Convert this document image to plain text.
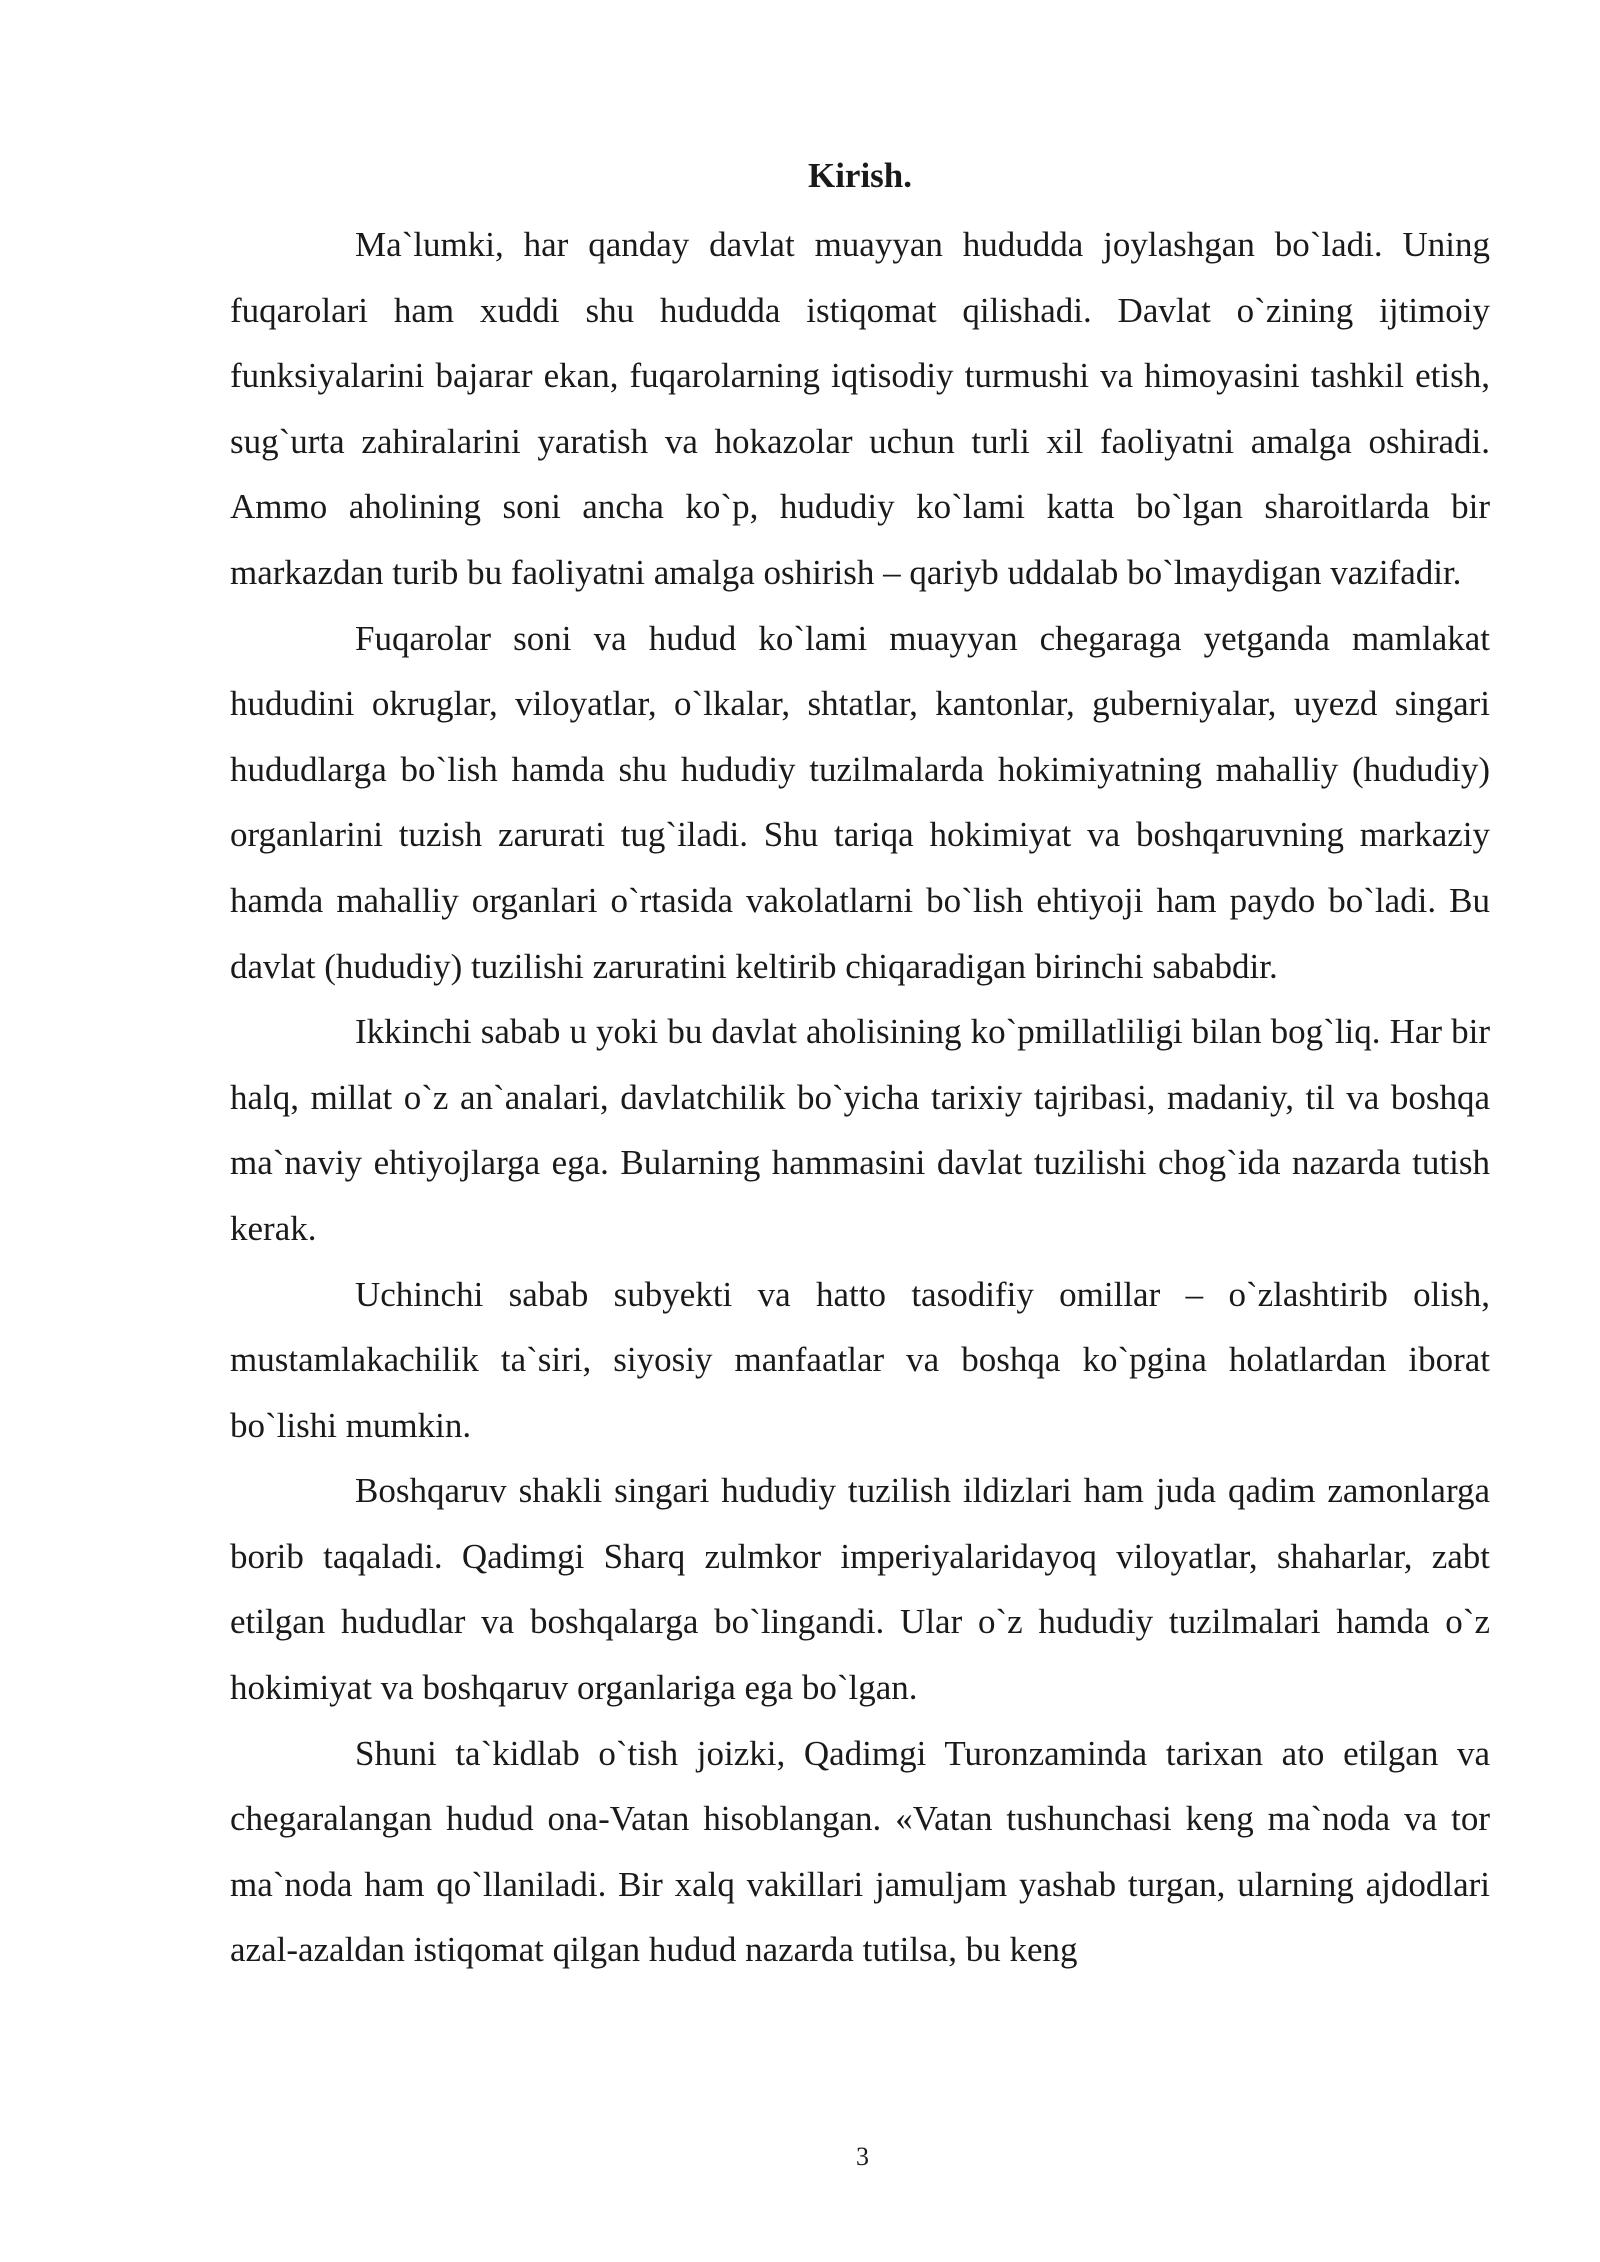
Kirish.

Ma`lumki, har qanday davlat muayyan hududda joylashgan bo`ladi. Uning fuqarolari ham xuddi shu hududda istiqomat qilishadi. Davlat o`zining ijtimoiy funksiyalarini bajarar ekan, fuqarolarning iqtisodiy turmushi va himoyasini tashkil etish, sug`urta zahiralarini yaratish va hokazolar uchun turli xil faoliyatni amalga oshiradi. Ammo aholining soni ancha ko`p, hududiy ko`lami katta bo`lgan sharoitlarda bir markazdan turib bu faoliyatni amalga oshirish – qariyb uddalab bo`lmaydigan vazifadir.

Fuqarolar soni va hudud ko`lami muayyan chegaraga yetganda mamlakat hududini okruglar, viloyatlar, o`lkalar, shtatlar, kantonlar, guberniyalar, uyezd singari hududlarga bo`lish hamda shu hududiy tuzilmalarda hokimiyatning mahalliy (hududiy) organlarini tuzish zarurati tug`iladi. Shu tariqa hokimiyat va boshqaruvning markaziy hamda mahalliy organlari o`rtasida vakolatlarni bo`lish ehtiyoji ham paydo bo`ladi. Bu davlat (hududiy) tuzilishi zaruratini keltirib chiqaradigan birinchi sababdir.

Ikkinchi sabab u yoki bu davlat aholisining ko`pmillatliligi bilan bog`liq. Har bir halq, millat o`z an`analari, davlatchilik bo`yicha tarixiy tajribasi, madaniy, til va boshqa ma`naviy ehtiyojlarga ega. Bularning hammasini davlat tuzilishi chog`ida nazarda tutish kerak.

Uchinchi sabab subyekti va hatto tasodifiy omillar – o`zlashtirib olish, mustamlakachilik ta`siri, siyosiy manfaatlar va boshqa ko`pgina holatlardan iborat bo`lishi mumkin.

Boshqaruv shakli singari hududiy tuzilish ildizlari ham juda qadim zamonlarga borib taqaladi. Qadimgi Sharq zulmkor imperiyalaridayoq viloyatlar, shaharlar, zabt etilgan hududlar va boshqalarga bo`lingandi. Ular o`z hududiy tuzilmalari hamda o`z hokimiyat va boshqaruv organlariga ega bo`lgan.

Shuni ta`kidlab o`tish joizki, Qadimgi Turonzaminda tarixan ato etilgan va chegaralangan hudud ona-Vatan hisoblangan. «Vatan tushunchasi keng ma`noda va tor ma`noda ham qo`llaniladi. Bir xalq vakillari jamuljam yashab turgan, ularning ajdodlari azal-azaldan istiqomat qilgan hudud nazarda tutilsa, bu keng

3
